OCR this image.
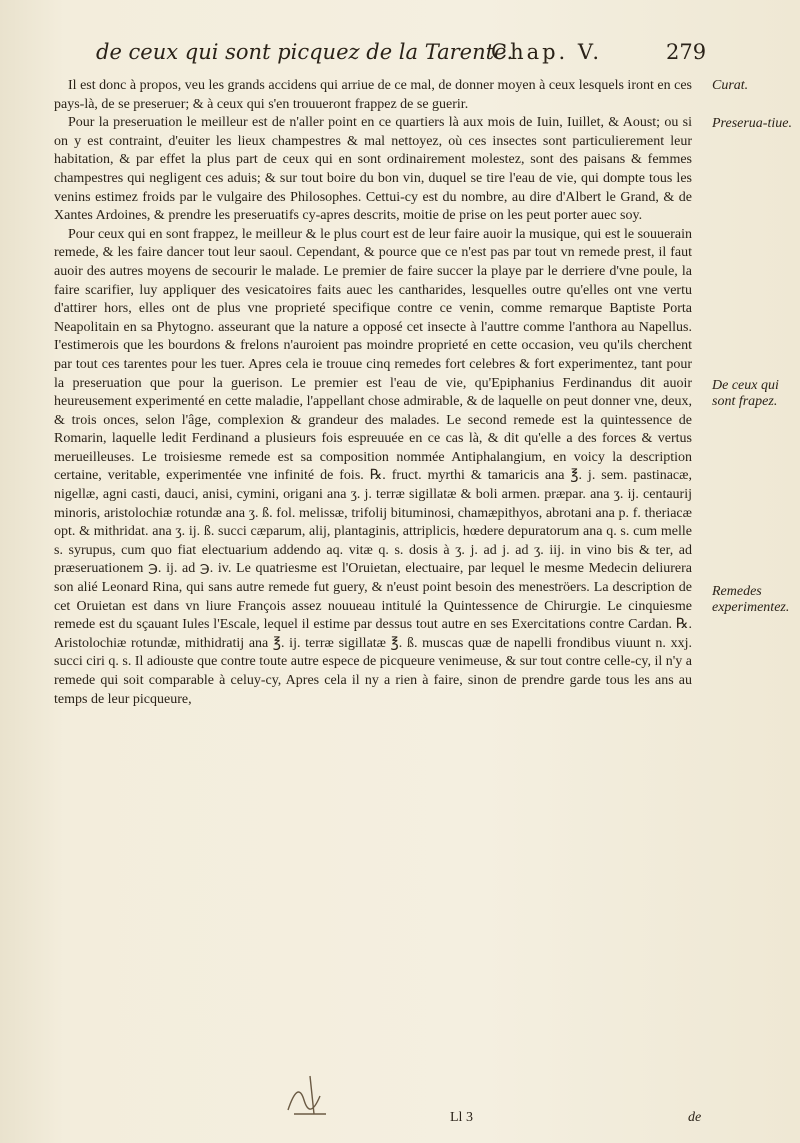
de ceux qui sont picquez de la Tarente.
Chap. V.	279

Il est donc à propos, veu les grands accidens qui arriue de ce mal, de donner moyen à ceux lesquels iront en ces pays-là, de se preseruer; & à ceux qui s'en trouueront frappez de se guerir.

Pour la preseruation le meilleur est de n'aller point en ce quartiers là aux mois de Iuin, Iuillet, & Aoust; ou si on y est contraint, d'euiter les lieux champestres & mal nettoyez, où ces insectes sont particulierement leur habitation, & par effet la plus part de ceux qui en sont ordinairement molestez, sont des paisans & femmes champestres qui negligent ces aduis; & sur tout boire du bon vin, duquel se tire l'eau de vie, qui dompte tous les venins estimez froids par le vulgaire des Philosophes. Cettui-cy est du nombre, au dire d'Albert le Grand, & de Xantes Ardoines, & prendre les preseruatifs cy-apres descrits, moitie de prise on les peut porter auec soy.

Pour ceux qui en sont frappez, le meilleur & le plus court est de leur faire auoir la musique, qui est le souuerain remede, & les faire dancer tout leur saoul. Cependant, & pource que ce n'est pas par tout vn remede prest, il faut auoir des autres moyens de secourir le malade. Le premier de faire succer la playe par le derriere d'vne poule, la faire scarifier, luy appliquer des vesicatoires faits auec les cantharides, lesquelles outre qu'elles ont vne vertu d'attirer hors, elles ont de plus vne proprieté specifique contre ce venin, comme remarque Baptiste Porta Neapolitain en sa Phytogno. asseurant que la nature a opposé cet insecte à l'auttre comme l'anthora au Napellus. I'estimerois que les bourdons & frelons n'auroient pas moindre proprieté en cette occasion, veu qu'ils cherchent par tout ces tarentes pour les tuer. Apres cela ie trouue cinq remedes fort celebres & fort experimentez, tant pour la preseruation que pour la guerison. Le premier est l'eau de vie, qu'Epiphanius Ferdinandus dit auoir heureusement experimenté en cette maladie, l'appellant chose admirable, & de laquelle on peut donner vne, deux, & trois onces, selon l'âge, complexion & grandeur des malades. Le second remede est la quintessence de Romarin, laquelle ledit Ferdinand a plusieurs fois espreuuée en ce cas là, & dit qu'elle a des forces & vertus merueilleuses. Le troisiesme remede est sa composition nommée Antiphalangium, en voicy la description certaine, veritable, experimentée vne infinité de fois. ℞. fruct. myrthi & tamaricis ana ℥. j. sem. pastinacæ, nigellæ, agni casti, dauci, anisi, cymini, origani ana ʒ. j. terræ sigillatæ & boli armen. præpar. ana ʒ. ij. centaurij minoris, aristolochiæ rotundæ ana ʒ. ß. fol. melissæ, trifolij bituminosi, chamæpithyos, abrotani ana p. f. theriacæ opt. & mithridat. ana ʒ. ij. ß. succi cæparum, alij, plantaginis, attriplicis, hœdere depuratorum ana q. s. cum melle s. syrupus, cum quo fiat electuarium addendo aq. vitæ q. s. dosis à ʒ. j. ad j. ad ʒ. iij. in vino bis & ter, ad præseruationem ℈. ij. ad ℈. iv. Le quatriesme est l'Oruietan, electuaire, par lequel le mesme Medecin deliurera son alié Leonard Rina, qui sans autre remede fut guery, & n'eust point besoin des meneströers. La description de cet Oruietan est dans vn liure François assez nouueau intitulé la Quintessence de Chirurgie. Le cinquiesme remede est du sçauant Iules l'Escale, lequel il estime par dessus tout autre en ses Exercitations contre Cardan. ℞. Aristolochiæ rotundæ, mithidratij ana ℥. ij. terræ sigillatæ ℥. ß. muscas quæ de napelli frondibus viuunt n. xxj. succi ciri q. s. Il adiouste que contre toute autre espece de picqueure venimeuse, & sur tout contre celle-cy, il n'y a remede qui soit comparable à celuy-cy, Apres cela il ny a rien à faire, sinon de prendre garde tous les ans au temps de leur picqueure,

Curat.
Preserua-tiue.
De ceux qui sont frapez.
Remedes experimentez.
Ll 3	de
